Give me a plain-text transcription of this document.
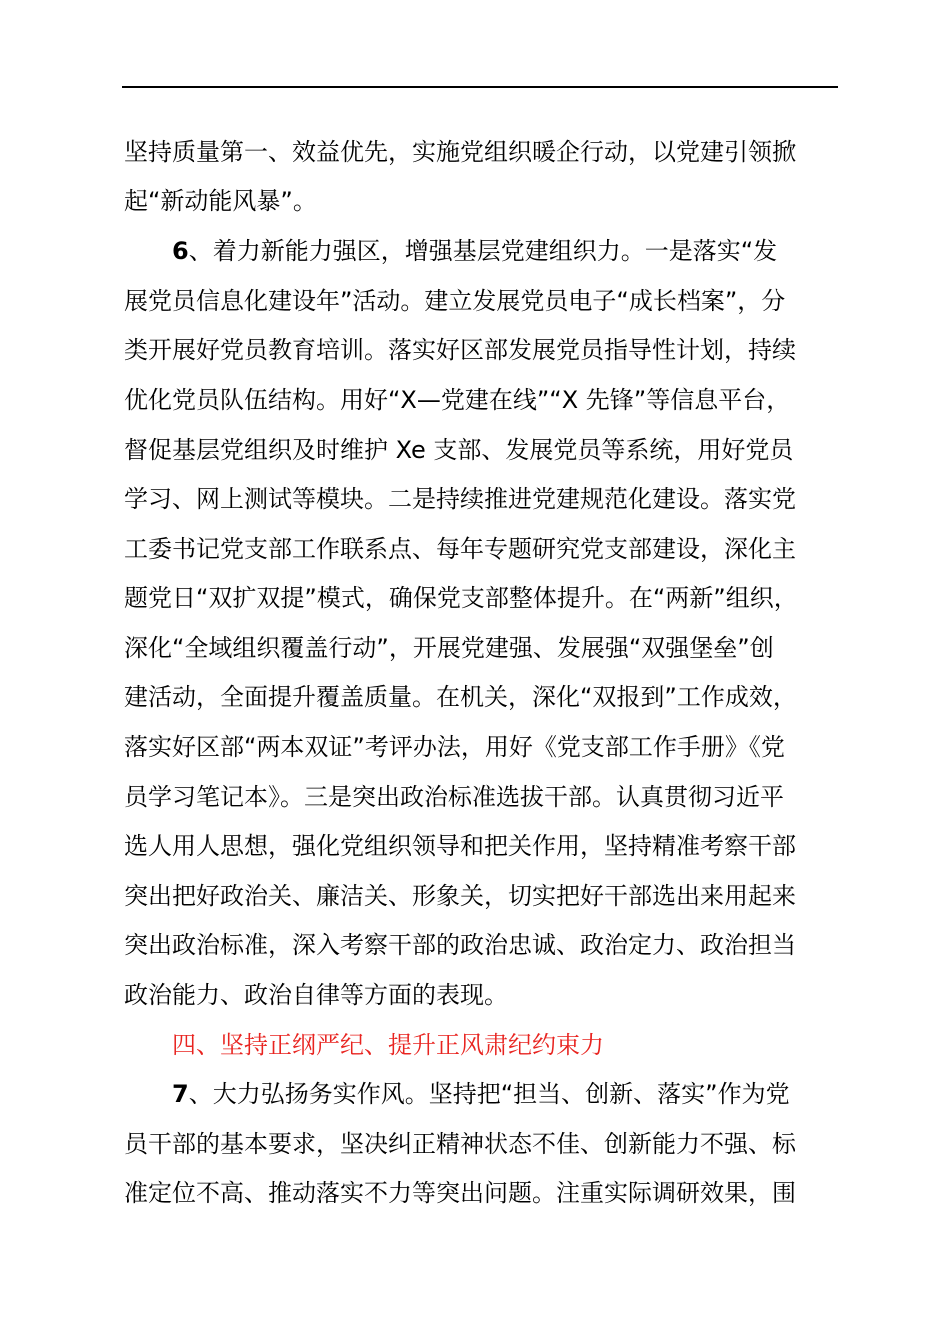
坚持质量第一、效益优先，实施党组织暖企行动，以党建引领掀
起“新动能风暴”。
6、着力新能力强区，增强基层党建组织力。一是落实“发
展党员信息化建设年”活动。建立发展党员电子“成长档案”，分
类开展好党员教育培训。落实好区部发展党员指导性计划，持续
优化党员队伍结构。用好“X—党建在线”“X 先锋”等信息平台，
督促基层党组织及时维护 Xe 支部、发展党员等系统，用好党员
学习、网上测试等模块。二是持续推进党建规范化建设。落实党
工委书记党支部工作联系点、每年专题研究党支部建设，深化主
题党日“双扩双提”模式，确保党支部整体提升。在“两新”组织，
深化“全域组织覆盖行动”，开展党建强、发展强“双强堡垒”创
建活动，全面提升覆盖质量。在机关，深化“双报到”工作成效，
落实好区部“两本双证”考评办法，用好《党支部工作手册》《党
员学习笔记本》。三是突出政治标准选拔干部。认真贯彻习近平
选人用人思想，强化党组织领导和把关作用，坚持精准考察干部
突出把好政治关、廉洁关、形象关，切实把好干部选出来用起来
突出政治标准，深入考察干部的政治忠诚、政治定力、政治担当
政治能力、政治自律等方面的表现。
四、坚持正纲严纪、提升正风肃纪约束力
7、大力弘扬务实作风。坚持把“担当、创新、落实”作为党
员干部的基本要求，坚决纠正精神状态不佳、创新能力不强、标
准定位不高、推动落实不力等突出问题。注重实际调研效果，围
